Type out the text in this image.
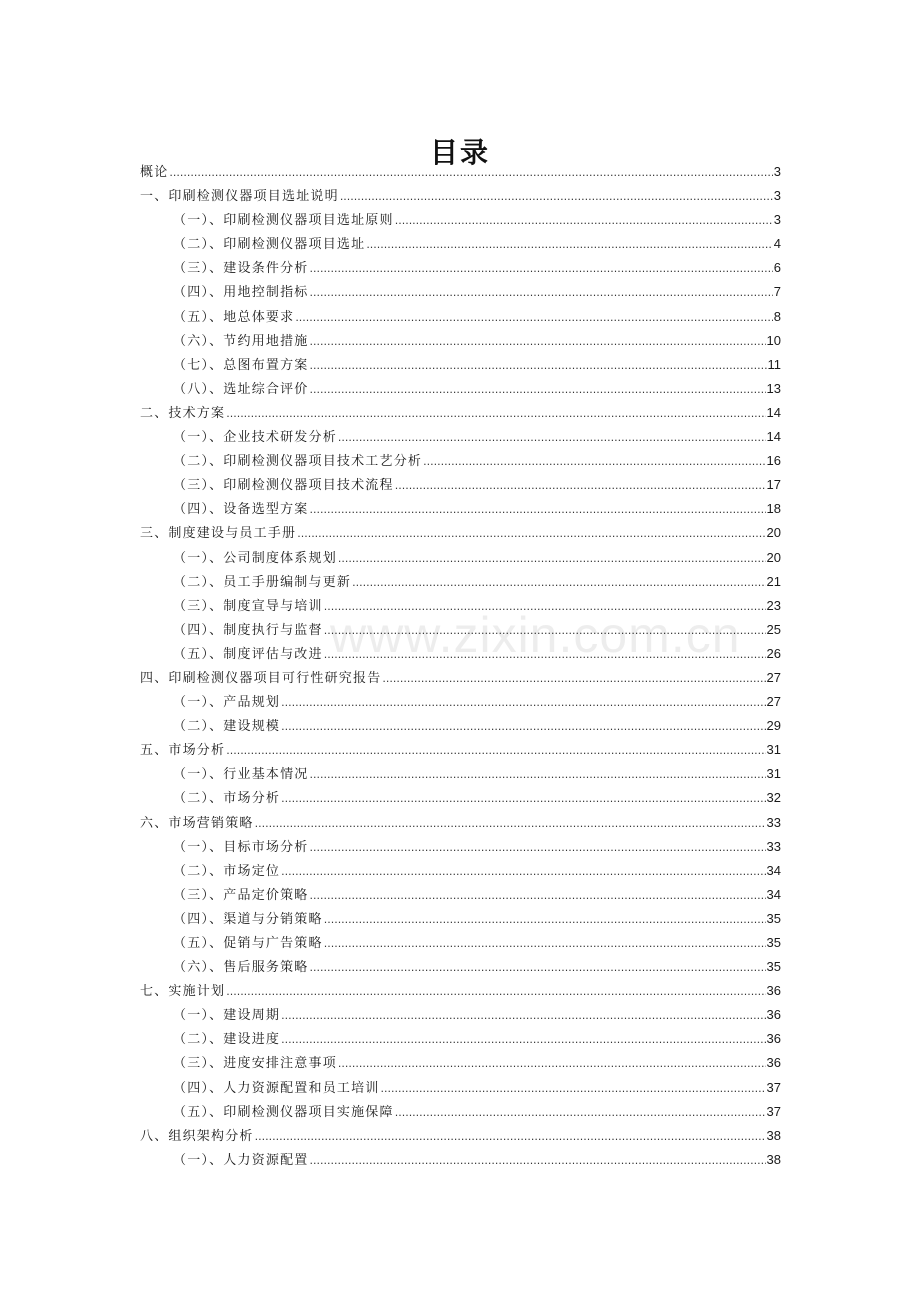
目录
概论 .....	3
一、印刷检测仪器项目选址说明 .....	3
（一）、印刷检测仪器项目选址原则 .....	3
（二）、印刷检测仪器项目选址 .....	4
（三）、建设条件分析 .....	6
（四）、用地控制指标 .....	7
（五）、地总体要求 .....	8
（六）、节约用地措施 .....	10
（七）、总图布置方案 .....	11
（八）、选址综合评价 .....	13
二、技术方案 .....	14
（一）、企业技术研发分析 .....	14
（二）、印刷检测仪器项目技术工艺分析 .....	16
（三）、印刷检测仪器项目技术流程 .....	17
（四）、设备选型方案 .....	18
三、制度建设与员工手册 .....	20
（一）、公司制度体系规划 .....	20
（二）、员工手册编制与更新 .....	21
（三）、制度宣导与培训 .....	23
（四）、制度执行与监督 .....	25
（五）、制度评估与改进 .....	26
四、印刷检测仪器项目可行性研究报告 .....	27
（一）、产品规划 .....	27
（二）、建设规模 .....	29
五、市场分析 .....	31
（一）、行业基本情况 .....	31
（二）、市场分析 .....	32
六、市场营销策略 .....	33
（一）、目标市场分析 .....	33
（二）、市场定位 .....	34
（三）、产品定价策略 .....	34
（四）、渠道与分销策略 .....	35
（五）、促销与广告策略 .....	35
（六）、售后服务策略 .....	35
七、实施计划 .....	36
（一）、建设周期 .....	36
（二）、建设进度 .....	36
（三）、进度安排注意事项 .....	36
（四）、人力资源配置和员工培训 .....	37
（五）、印刷检测仪器项目实施保障 .....	37
八、组织架构分析 .....	38
（一）、人力资源配置 .....	38
www.zixin.com.cn
